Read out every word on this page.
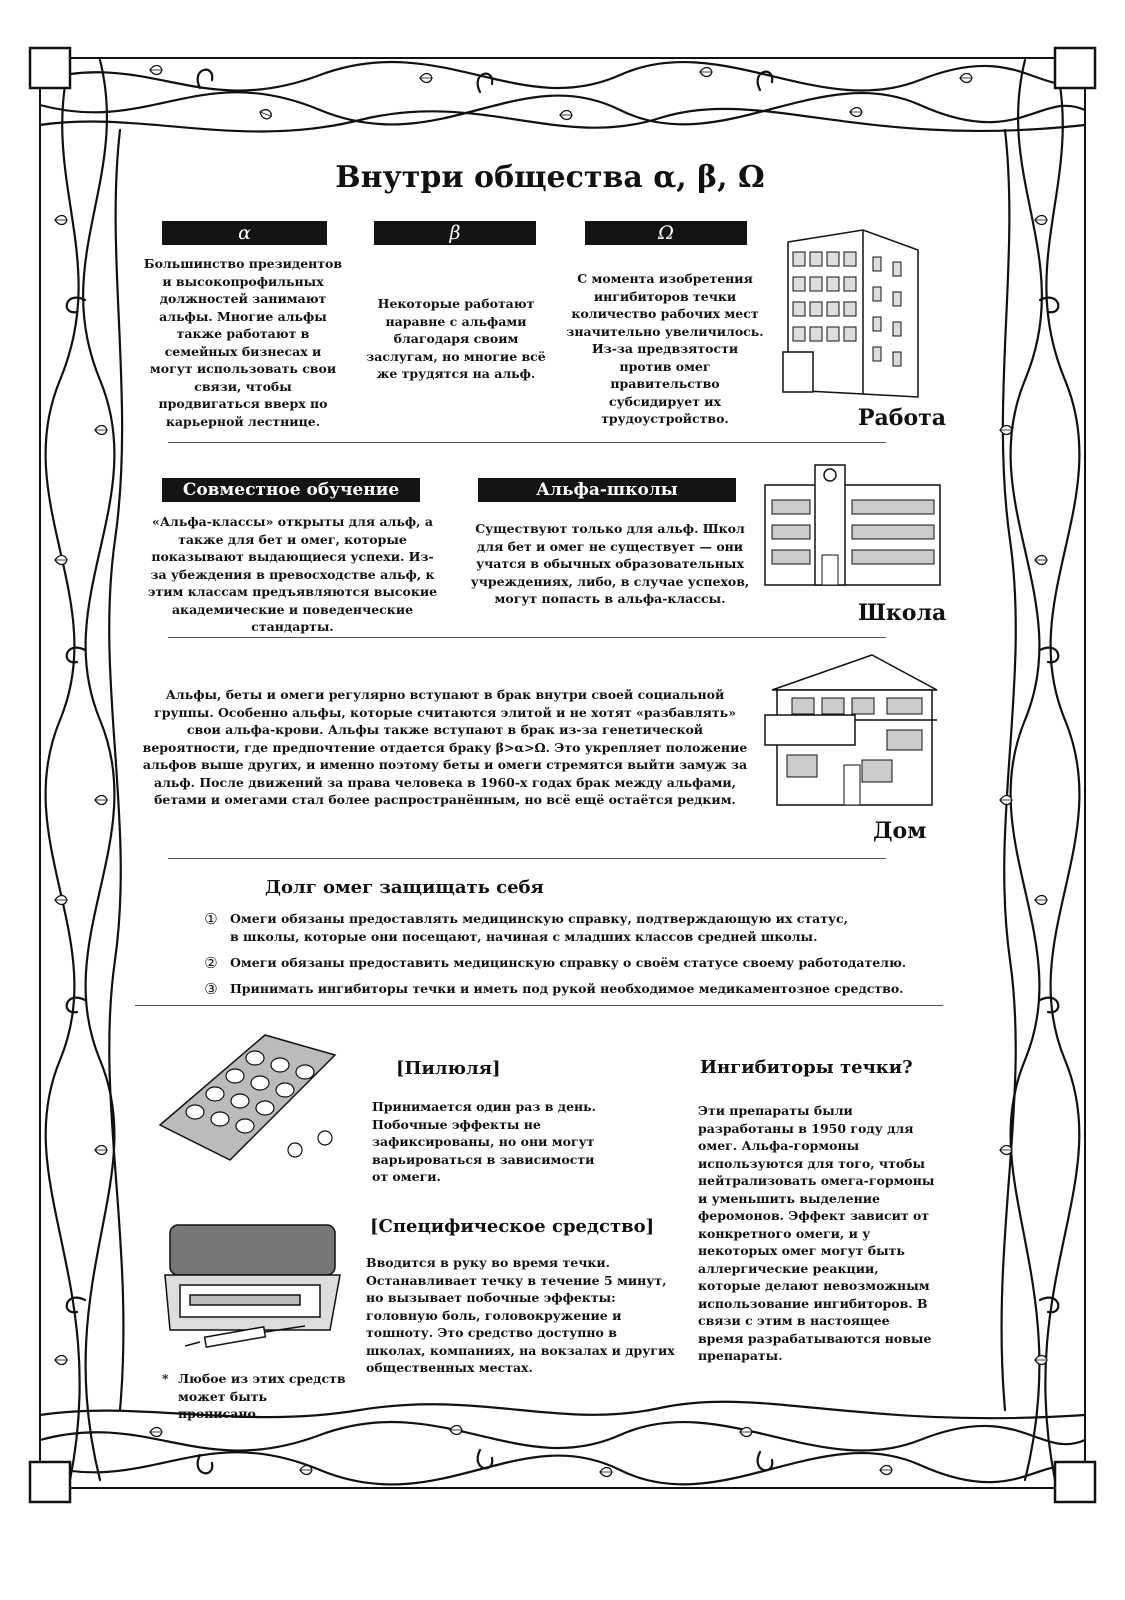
Внутри общества α, β, Ω
α	β	Ω
Большинство президентов и высокопрофильных должностей занимают альфы. Многие альфы также работают в семейных бизнесах и могут использовать свои связи, чтобы продвигаться вверх по карьерной лестнице.
Некоторые работают наравне с альфами благодаря своим заслугам, но многие всё же трудятся на альф.
С момента изобретения ингибиторов течки количество рабочих мест значительно увеличилось. Из-за предвзятости против омег правительство субсидирует их трудоустройство.	Работа
Совместное обучение	Альфа-школы
«Альфа-классы» открыты для альф, а также для бет и омег, которые показывают выдающиеся успехи. Из-за убеждения в превосходстве альф, к этим классам предъявляются высокие академические и поведенческие стандарты.
Существуют только для альф. Школ для бет и омег не существует — они учатся в обычных образовательных учреждениях, либо, в случае успехов, могут попасть в альфа-классы.
Школа
Альфы, беты и омеги регулярно вступают в брак внутри своей социальной группы. Особенно альфы, которые считаются элитой и не хотят «разбавлять» свои альфа-крови. Альфы также вступают в брак из-за генетической вероятности, где предпочтение отдается браку β>α>Ω. Это укрепляет положение альфов выше других, и именно поэтому беты и омеги стремятся выйти замуж за альф. После движений за права человека в 1960-х годах брак между альфами, бетами и омегами стал более распространённым, но всё ещё остаётся редким.
Дом
Долг омег защищать себя
① Омеги обязаны предоставлять медицинскую справку, подтверждающую их статус,
в школы, которые они посещают, начиная с младших классов средней школы.
② Омеги обязаны предоставить медицинскую справку о своём статусе своему работодателю.
③ Принимать ингибиторы течки и иметь под рукой необходимое медикаментозное средство.
[Пилюля]
Принимается один раз в день. Побочные эффекты не зафиксированы, но они могут варьироваться в зависимости от омеги.
[Специфическое средство]
Вводится в руку во время течки. Останавливает течку в течение 5 минут, но вызывает побочные эффекты: головную боль, головокружение и тошноту. Это средство доступно в школах, компаниях, на вокзалах и других общественных местах.
* Любое из этих средств может быть прописано.
Ингибиторы течки?
Эти препараты были разработаны в 1950 году для омег. Альфа-гормоны используются для того, чтобы нейтрализовать омега-гормоны и уменьшить выделение феромонов. Эффект зависит от конкретного омеги, и у некоторых омег могут быть аллергические реакции, которые делают невозможным использование ингибиторов. В связи с этим в настоящее время разрабатываются новые препараты.
